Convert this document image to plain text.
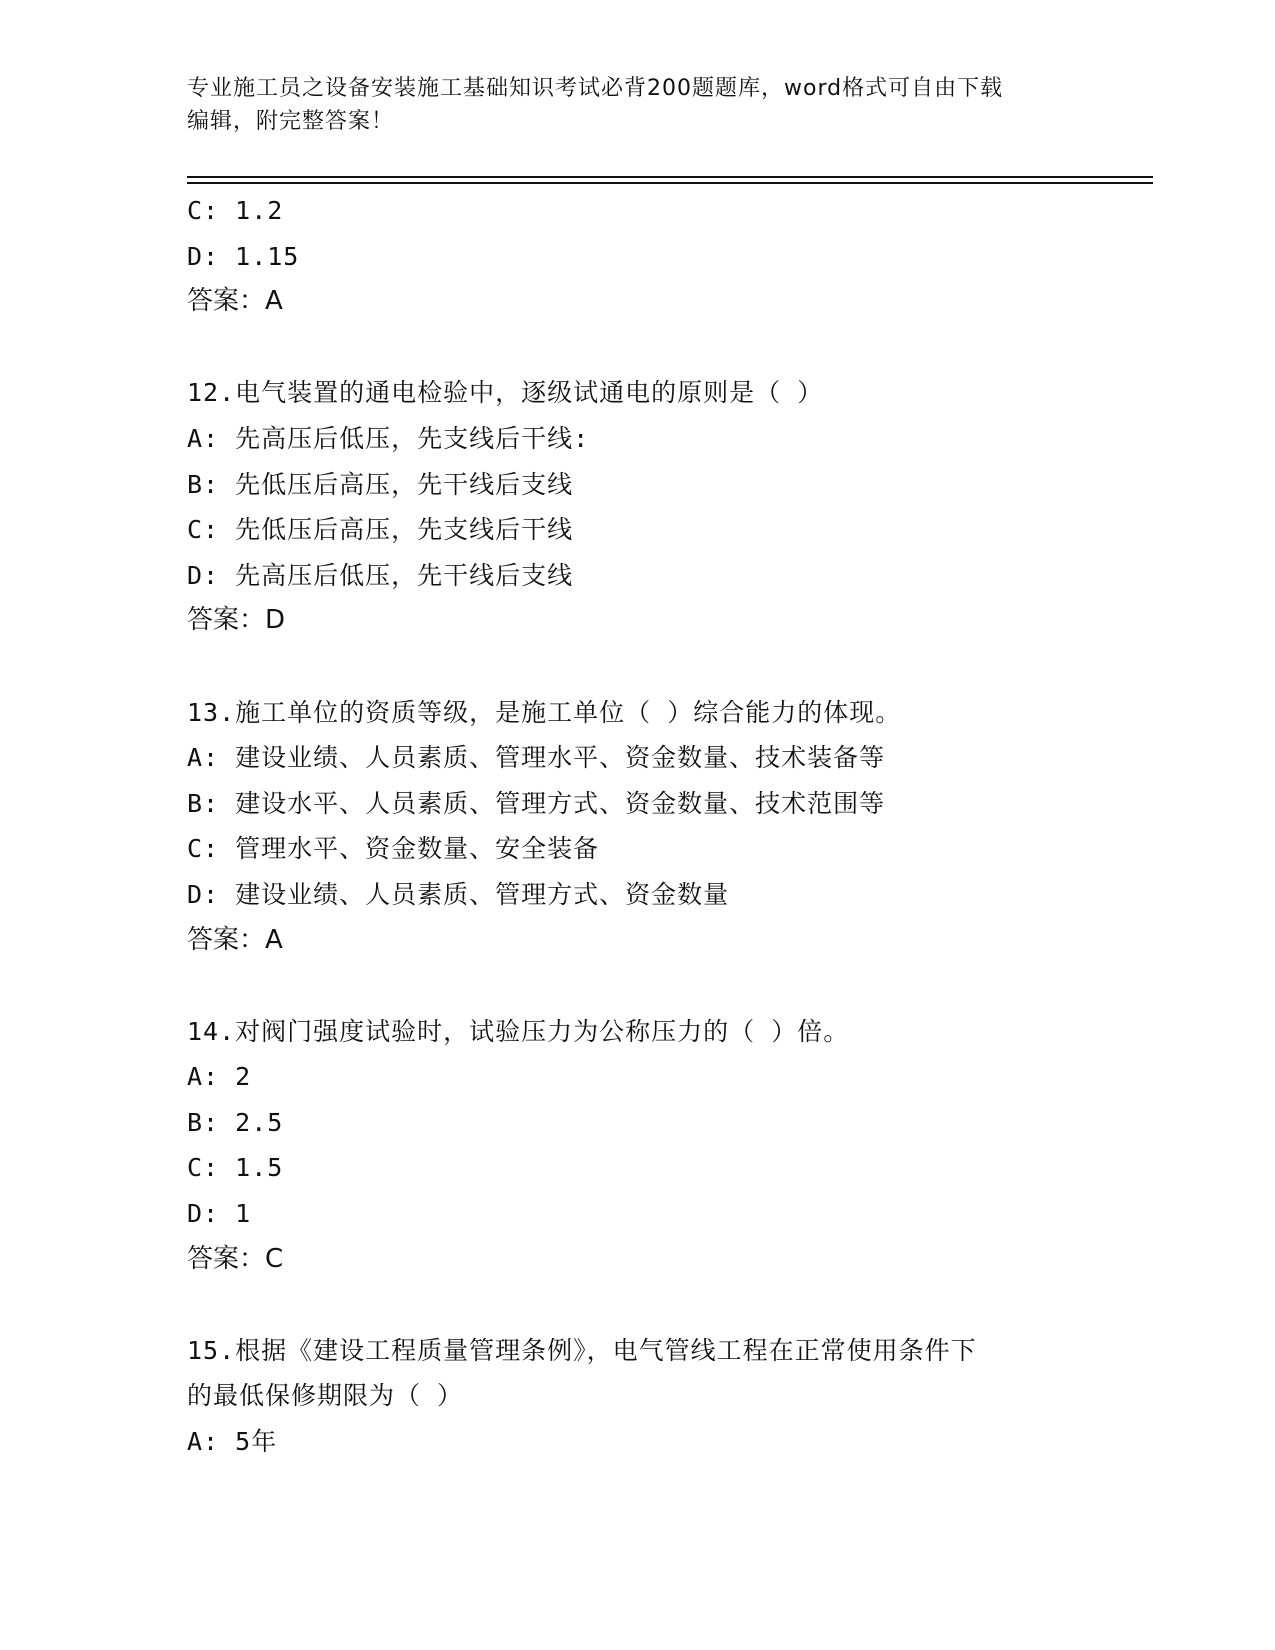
专业施工员之设备安装施工基础知识考试必背200题题库，word格式可自由下载
编辑，附完整答案！
C: 1.2
D: 1.15
答案：A
12.电气装置的通电检验中，逐级试通电的原则是（ ）
A: 先高压后低压，先支线后干线:
B: 先低压后高压，先干线后支线
C: 先低压后高压，先支线后干线
D: 先高压后低压，先干线后支线
答案：D
13.施工单位的资质等级，是施工单位（ ）综合能力的体现。
A: 建设业绩、人员素质、管理水平、资金数量、技术装备等
B: 建设水平、人员素质、管理方式、资金数量、技术范围等
C: 管理水平、资金数量、安全装备
D: 建设业绩、人员素质、管理方式、资金数量
答案：A
14.对阀门强度试验时，试验压力为公称压力的（ ）倍。
A: 2
B: 2.5
C: 1.5
D: 1
答案：C
15.根据《建设工程质量管理条例》，电气管线工程在正常使用条件下
的最低保修期限为（ ）
A: 5年
